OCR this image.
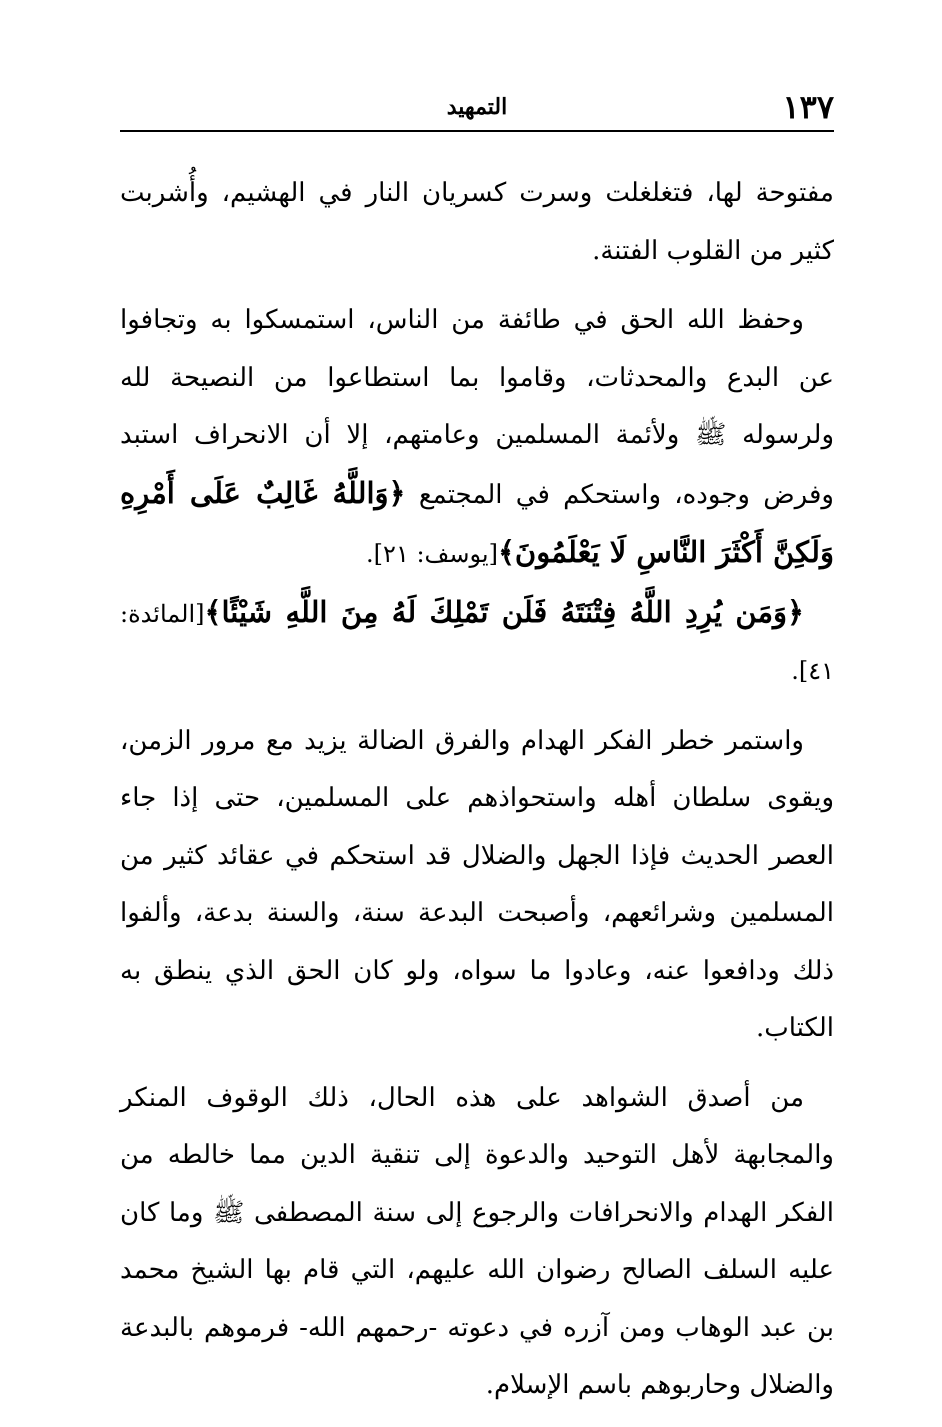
١٣٧
التمهيد

مفتوحة لها، فتغلغلت وسرت كسريان النار في الهشيم، وأُشربت كثير من القلوب الفتنة.

وحفظ الله الحق في طائفة من الناس، استمسكوا به وتجافوا عن البدع والمحدثات، وقاموا بما استطاعوا من النصيحة لله ولرسوله ﷺ ولأئمة المسلمين وعامتهم، إلا أن الانحراف استبد وفرض وجوده، واستحكم في المجتمع ﴿وَاللَّهُ غَالِبٌ عَلَى أَمْرِهِ وَلَكِنَّ أَكْثَرَ النَّاسِ لَا يَعْلَمُونَ﴾[يوسف: ٢١].

﴿وَمَن يُرِدِ اللَّهُ فِتْنَتَهُ فَلَن تَمْلِكَ لَهُ مِنَ اللَّهِ شَيْئًا﴾[المائدة: ٤١].

واستمر خطر الفكر الهدام والفرق الضالة يزيد مع مرور الزمن، ويقوى سلطان أهله واستحواذهم على المسلمين، حتى إذا جاء العصر الحديث فإذا الجهل والضلال قد استحكم في عقائد كثير من المسلمين وشرائعهم، وأصبحت البدعة سنة، والسنة بدعة، وألفوا ذلك ودافعوا عنه، وعادوا ما سواه، ولو كان الحق الذي ينطق به الكتاب.

من أصدق الشواهد على هذه الحال، ذلك الوقوف المنكر والمجابهة لأهل التوحيد والدعوة إلى تنقية الدين مما خالطه من الفكر الهدام والانحرافات والرجوع إلى سنة المصطفى ﷺ وما كان عليه السلف الصالح رضوان الله عليهم، التي قام بها الشيخ محمد بن عبد الوهاب ومن آزره في دعوته -رحمهم الله- فرموهم بالبدعة والضلال وحاربوهم باسم الإسلام.
